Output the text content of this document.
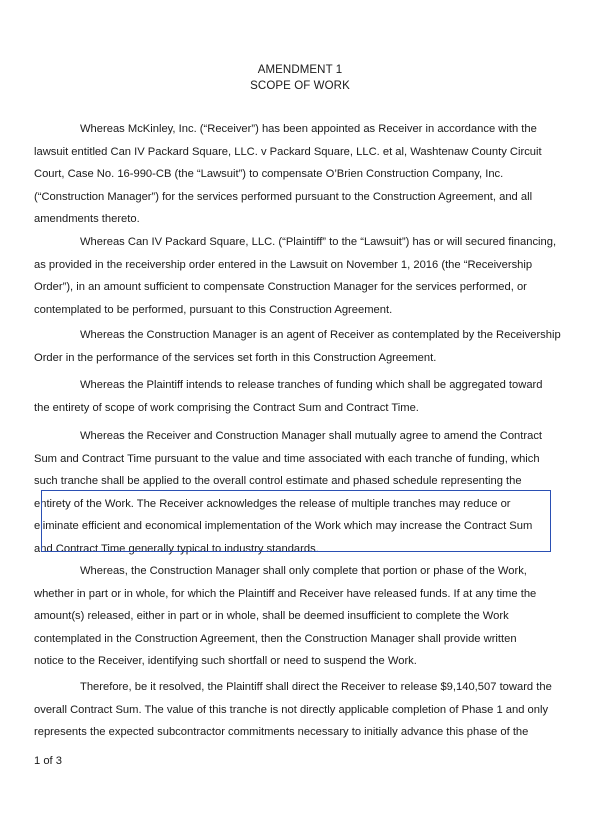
AMENDMENT 1
SCOPE OF WORK
Whereas McKinley, Inc. (“Receiver”) has been appointed as Receiver in accordance with the
lawsuit entitled Can IV Packard Square, LLC. v Packard Square, LLC. et al, Washtenaw County Circuit
Court, Case No. 16-990-CB (the “Lawsuit”) to compensate O’Brien Construction Company, Inc.
(“Construction Manager”) for the services performed pursuant to the Construction Agreement, and all
amendments thereto.
Whereas Can IV Packard Square, LLC. (“Plaintiff” to the “Lawsuit”) has or will secured financing,
as provided in the receivership order entered in the Lawsuit on November 1, 2016 (the “Receivership
Order”), in an amount sufficient to compensate Construction Manager for the services performed, or
contemplated to be performed, pursuant to this Construction Agreement.
Whereas the Construction Manager is an agent of Receiver as contemplated by the Receivership
Order in the performance of the services set forth in this Construction Agreement.
Whereas the Plaintiff intends to release tranches of funding which shall be aggregated toward
the entirety of scope of work comprising the Contract Sum and Contract Time.
Whereas the Receiver and Construction Manager shall mutually agree to amend the Contract
Sum and Contract Time pursuant to the value and time associated with each tranche of funding, which
such tranche shall be applied to the overall control estimate and phased schedule representing the
entirety of the Work. The Receiver acknowledges the release of multiple tranches may reduce or
eliminate efficient and economical implementation of the Work which may increase the Contract Sum
and Contract Time generally typical to industry standards.
Whereas, the Construction Manager shall only complete that portion or phase of the Work,
whether in part or in whole, for which the Plaintiff and Receiver have released funds. If at any time the
amount(s) released, either in part or in whole, shall be deemed insufficient to complete the Work
contemplated in the Construction Agreement, then the Construction Manager shall provide written
notice to the Receiver, identifying such shortfall or need to suspend the Work.
Therefore, be it resolved, the Plaintiff shall direct the Receiver to release $9,140,507 toward the
overall Contract Sum. The value of this tranche is not directly applicable completion of Phase 1 and only
represents the expected subcontractor commitments necessary to initially advance this phase of the
1 of 3
